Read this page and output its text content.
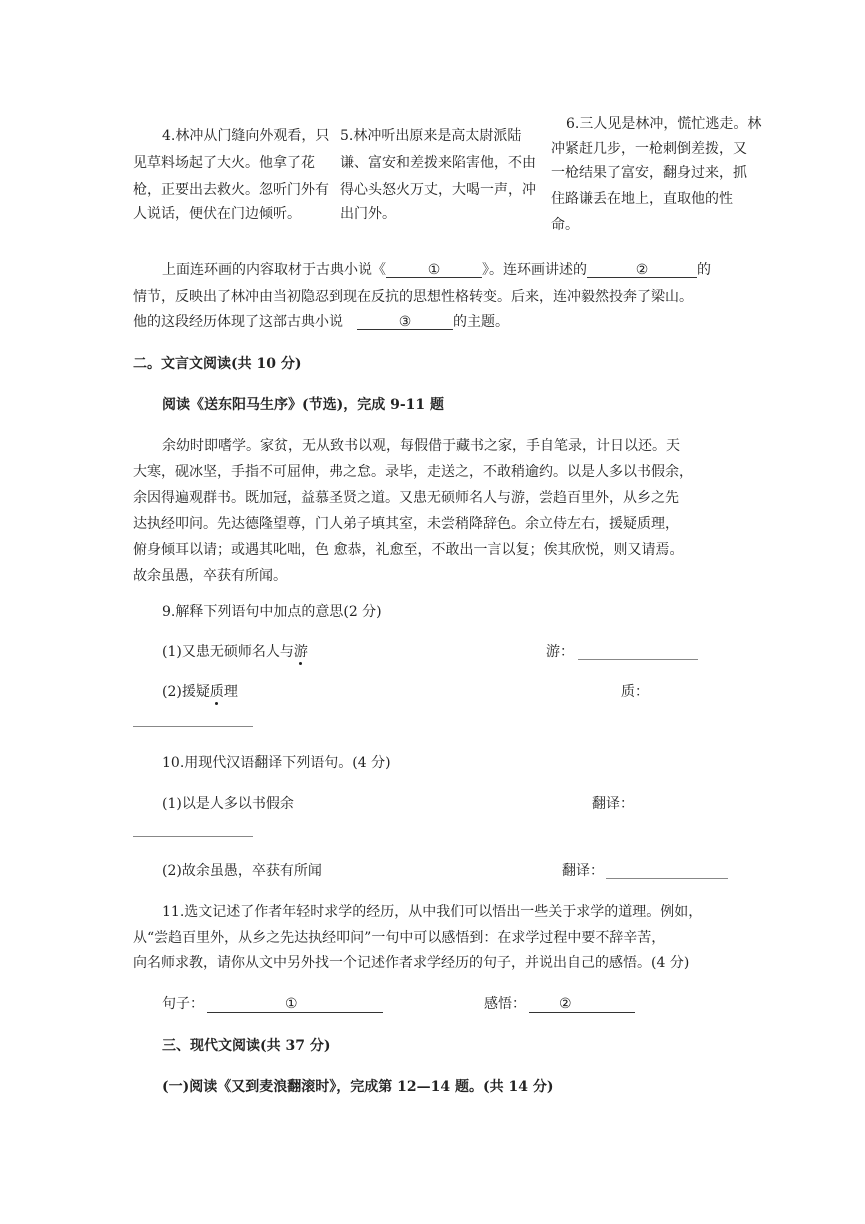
4.林冲从门缝向外观看，只
见草料场起了大火。他拿了花
枪，正要出去救火。忽听门外有
人说话，便伏在门边倾听。
5.林冲听出原来是高太尉派陆
谦、富安和差拨来陷害他，不由
得心头怒火万丈，大喝一声，冲
出门外。
6.三人见是林冲，慌忙逃走。林
冲紧赶几步，一枪刺倒差拨，又
一枪结果了富安，翻身过来，抓
住路谦丢在地上，直取他的性
命。
上面连环画的内容取材于古典小说《	①	》。连环画讲述的	②	的
情节，反映出了林冲由当初隐忍到现在反抗的思想性格转变。后来，连冲毅然投奔了梁山。
他的这段经历体现了这部古典小说	③	的主题。
二。文言文阅读(共 10 分)
阅读《送东阳马生序》(节选)，完成 9-11 题
余幼时即嗜学。家贫，无从致书以观，每假借于藏书之家，手自笔录，计日以还。天
大寒，砚冰坚，手指不可屈伸，弗之怠。录毕，走送之，不敢稍逾约。以是人多以书假余，
余因得遍观群书。既加冠，益慕圣贤之道。又患无硕师名人与游，尝趋百里外，从乡之先
达执经叩问。先达德隆望尊，门人弟子填其室，未尝稍降辞色。余立侍左右，援疑质理，
俯身倾耳以请；或遇其叱咄，色 愈恭，礼愈至，不敢出一言以复；俟其欣悦，则又请焉。
故余虽愚，卒获有所闻。
9.解释下列语句中加点的意思(2 分)
(1)又患无硕师名人与游	游：
(2)援疑质理	质：
10.用现代汉语翻译下列语句。(4 分)
(1)以是人多以书假余	翻译：
(2)故余虽愚，卒获有所闻	翻译：
11.选文记述了作者年轻时求学的经历，从中我们可以悟出一些关于求学的道理。例如，
从“尝趋百里外，从乡之先达执经叩问”一句中可以感悟到：在求学过程中要不辞辛苦，
向名师求教，请你从文中另外找一个记述作者求学经历的句子，并说出自己的感悟。(4 分)
句子：	①
	感悟： ②

三、现代文阅读(共 37 分)
(一)阅读《又到麦浪翻滚时》，完成第 12—14 题。(共 14 分)
